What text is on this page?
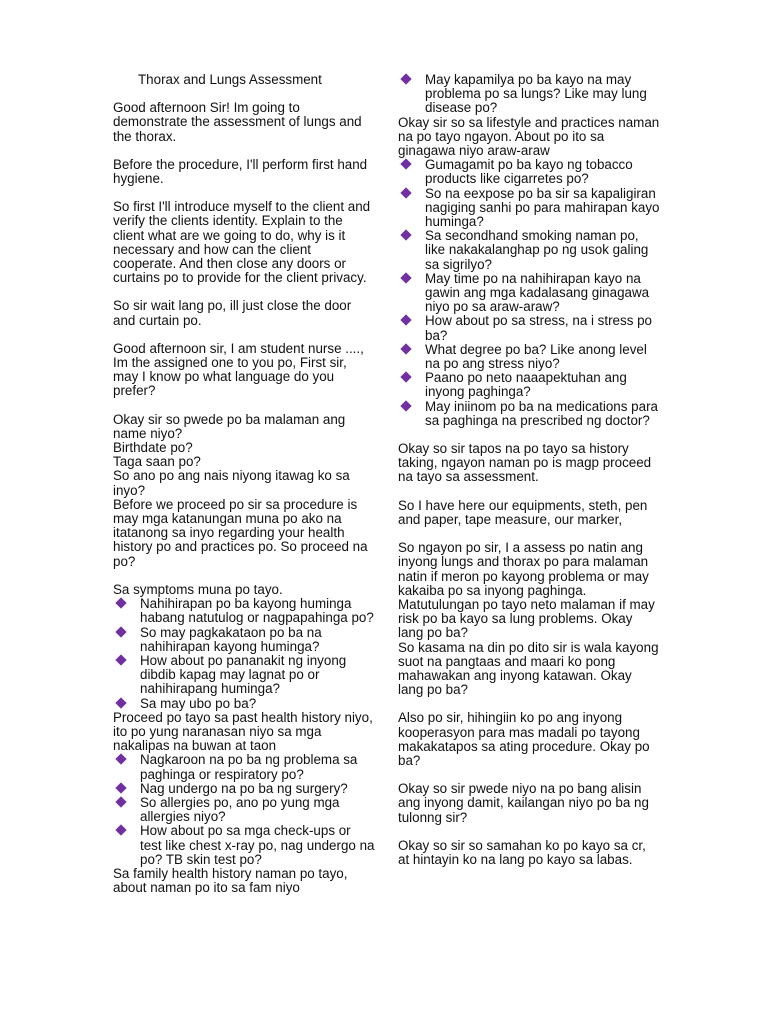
Thorax and Lungs Assessment

Good afternoon Sir! Im going to demonstrate the assessment of lungs and the thorax.

Before the procedure, I'll perform first hand hygiene.

So first I'll introduce myself to the client and verify the clients identity. Explain to the client what are we going to do, why is it necessary and how can the client cooperate. And then close any doors or curtains po to provide for the client privacy.

So sir wait lang po, ill just close the door and curtain po.

Good afternoon sir, I am student nurse ...., Im the assigned one to you po, First sir, may I know po what language do you prefer?

Okay sir so pwede po ba malaman ang name niyo?

Birthdate po?

Taga saan po?

So ano po ang nais niyong itawag ko sa inyo?

Before we proceed po sir sa procedure is may mga katanungan muna po ako na itatanong sa inyo regarding your health history po and practices po. So proceed na po?

Sa symptoms muna po tayo.

Nahihirapan po ba kayong huminga habang natutulog or nagpapahinga po?
So may pagkakataon po ba na nahihirapan kayong huminga?
How about po pananakit ng inyong dibdib kapag may lagnat po or nahihirapang huminga?
Sa may ubo po ba?

Proceed po tayo sa past health history niyo, ito po yung naranasan niyo sa mga nakalipas na buwan at taon

Nagkaroon na po ba ng problema sa paghinga or respiratory po?
Nag undergo na po ba ng surgery?
So allergies po, ano po yung mga allergies niyo?
How about po sa mga check-ups or test like chest x-ray po, nag undergo na po? TB skin test po?

Sa family health history naman po tayo, about naman po ito sa fam niyo

May kapamilya po ba kayo na may problema po sa lungs? Like may lung disease po?

Okay sir so sa lifestyle and practices naman na po tayo ngayon. About po ito sa ginagawa niyo araw-araw

Gumagamit po ba kayo ng tobacco products like cigarretes po?
So na eexpose po ba sir sa kapaligiran nagiging sanhi po para mahirapan kayo huminga?
Sa secondhand smoking naman po, like nakakalanghap po ng usok galing sa sigrilyo?
May time po na nahihirapan kayo na gawin ang mga kadalasang ginagawa niyo po sa araw-araw?
How about po sa stress, na i stress po ba?
What degree po ba? Like anong level na po ang stress niyo?
Paano po neto naaapektuhan ang inyong paghinga?
May iniinom po ba na medications para sa paghinga na prescribed ng doctor?

Okay so sir tapos na po tayo sa history taking, ngayon naman po is magp proceed na tayo sa assessment.

So I have here our equipments, steth, pen and paper, tape measure, our marker,

So ngayon po sir, I a assess po natin ang inyong lungs and thorax po para malaman natin if meron po kayong problema or may kakaiba po sa inyong paghinga. Matutulungan po tayo neto malaman if may risk po ba kayo sa lung problems. Okay lang po ba?

So kasama na din po dito sir is wala kayong suot na pangtaas and maari ko pong mahawakan ang inyong katawan. Okay lang po ba?

Also po sir, hihingiin ko po ang inyong kooperasyon para mas madali po tayong makakatapos sa ating procedure. Okay po ba?

Okay so sir pwede niyo na po bang alisin ang inyong damit, kailangan niyo po ba ng tulonng sir?

Okay so sir so samahan ko po kayo sa cr, at hintayin ko na lang po kayo sa labas.
